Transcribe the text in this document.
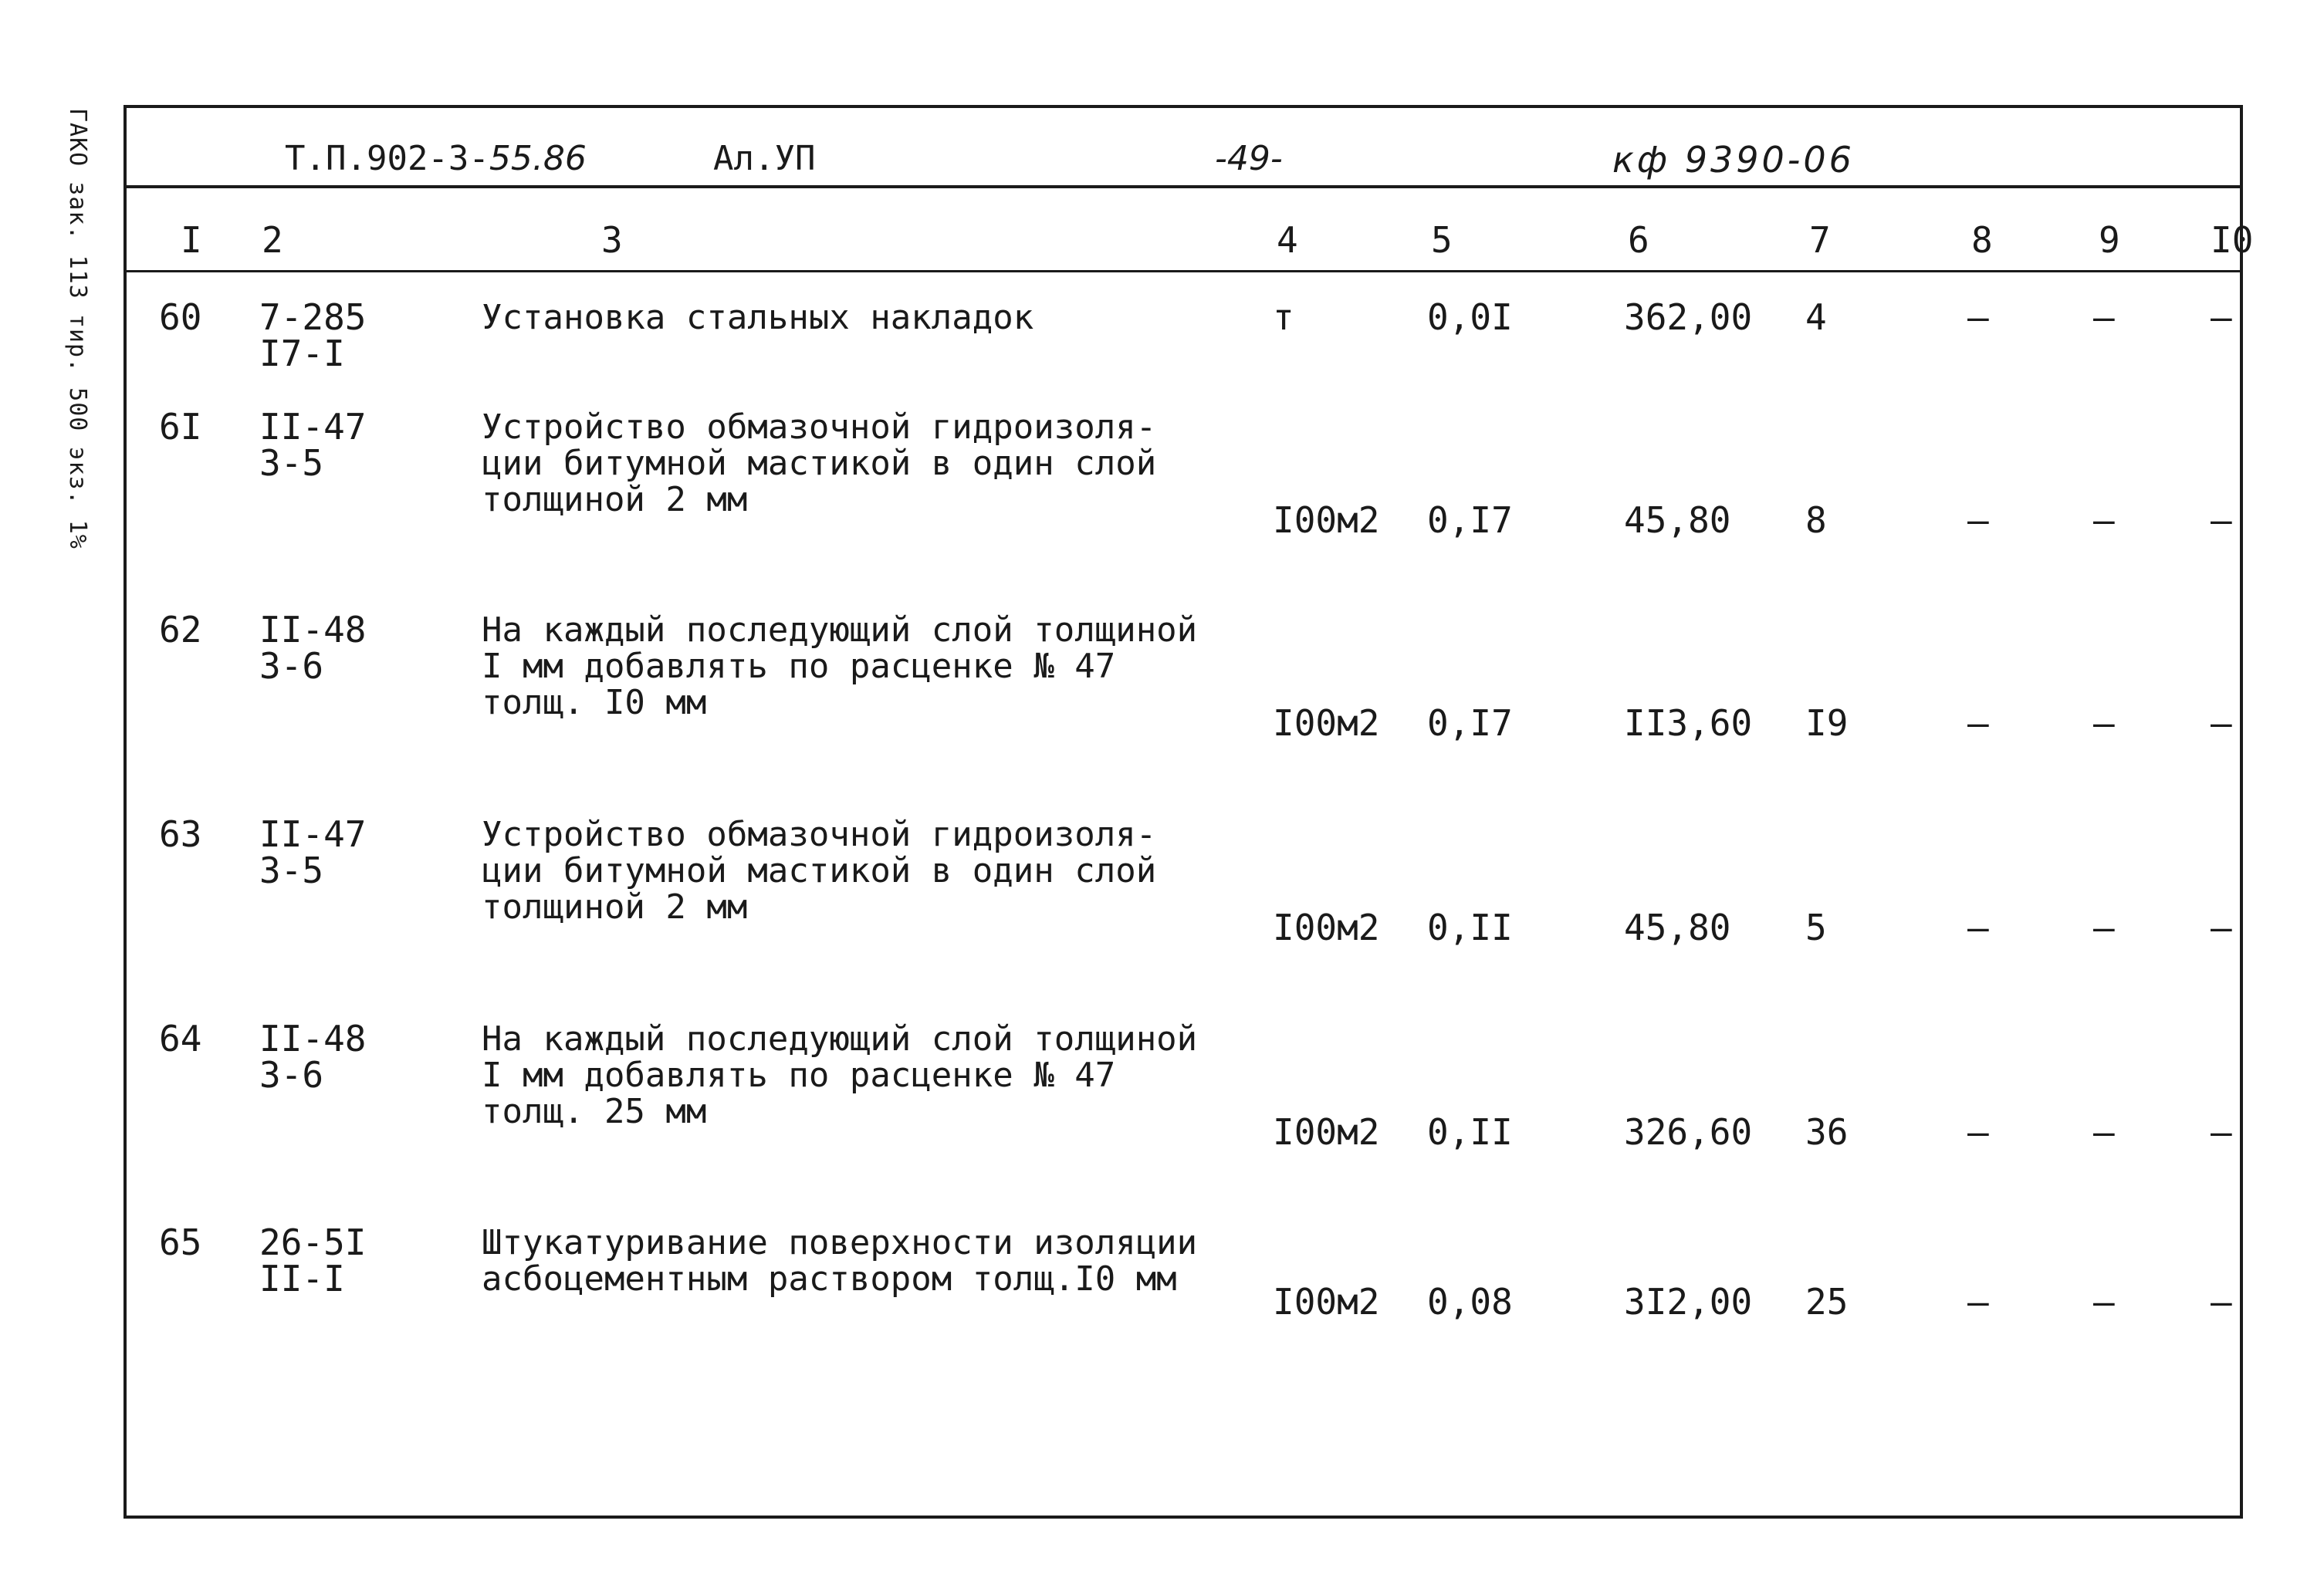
ГАКО зак. 113 тир. 500 экз. 1%	Т.П.902-3-55.86	Ал.УП	-49-	кф 9390-06
I 2	3	4	5	6	7	8	9	I0
60 7-285
I7-I
Установка стальных накладок	т	0,0I	362,00 4	–	–	–
6I II-47
3-5
Устройство обмазочной гидроизоля-
ции битумной мастикой в один слой
толщиной 2 мм	I00м2 0,I7	45,80 8	–	–	–
62 II-48
3-6
На каждый последующий слой толщиной
I мм добавлять по расценке № 47
толщ. I0 мм	I00м2 0,I7	II3,60 I9	–	–	–
63 II-47
3-5
Устройство обмазочной гидроизоля-
ции битумной мастикой в один слой
толщиной 2 мм	I00м2 0,II	45,80 5	–	–	–
64 II-48
3-6
На каждый последующий слой толщиной
I мм добавлять по расценке № 47
толщ. 25 мм	I00м2 0,II	326,60 36	–	–	–
65 26-5I
II-I
Штукатуривание поверхности изоляции
асбоцементным раствором толщ.I0 мм
I00м2 0,08	3I2,00 25	–	–	–
